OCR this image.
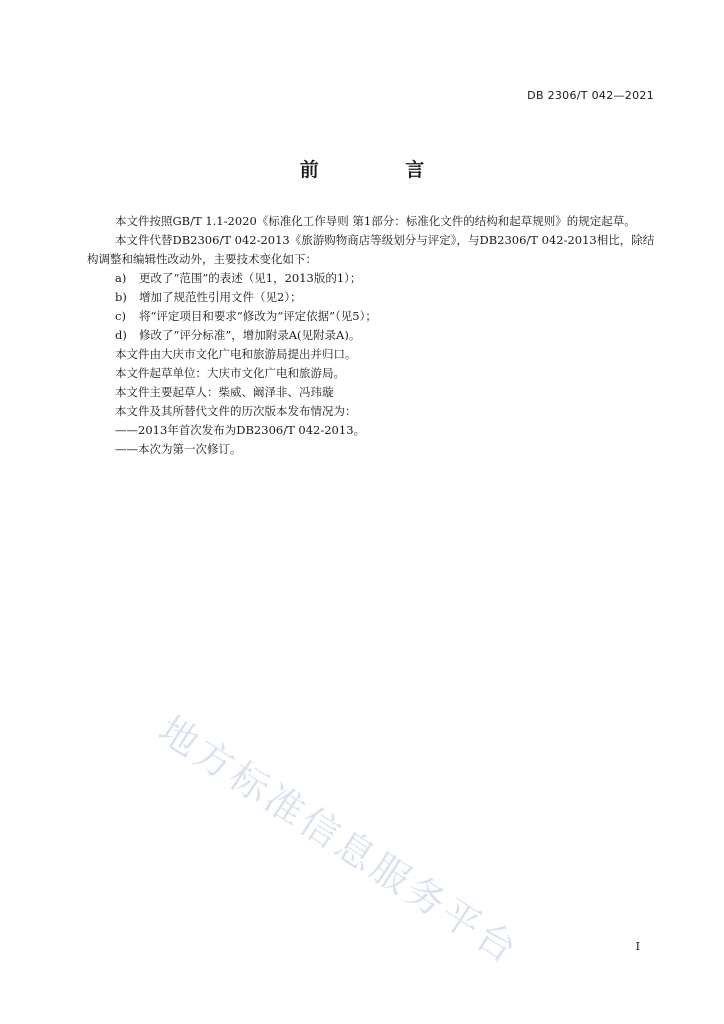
DB 2306/T 042—2021
前 言

本文件按照GB/T 1.1-2020《标准化工作导则 第1部分：标准化文件的结构和起草规则》的规定起草。

本文件代替DB2306/T 042-2013《旅游购物商店等级划分与评定》，与DB2306/T 042-2013相比，除结构调整和编辑性改动外，主要技术变化如下：

a) 更改了“范围”的表述（见1，2013版的1）；

b) 增加了规范性引用文件（见2）；

c) 将“评定项目和要求”修改为“评定依据”（见5）；

d) 修改了“评分标准”，增加附录A(见附录A)。

本文件由大庆市文化广电和旅游局提出并归口。

本文件起草单位：大庆市文化广电和旅游局。

本文件主要起草人：柴威、阚泽非、冯玮璇

本文件及其所替代文件的历次版本发布情况为：

——2013年首次发布为DB2306/T 042-2013。

——本次为第一次修订。

地方标准信息服务平台	I
